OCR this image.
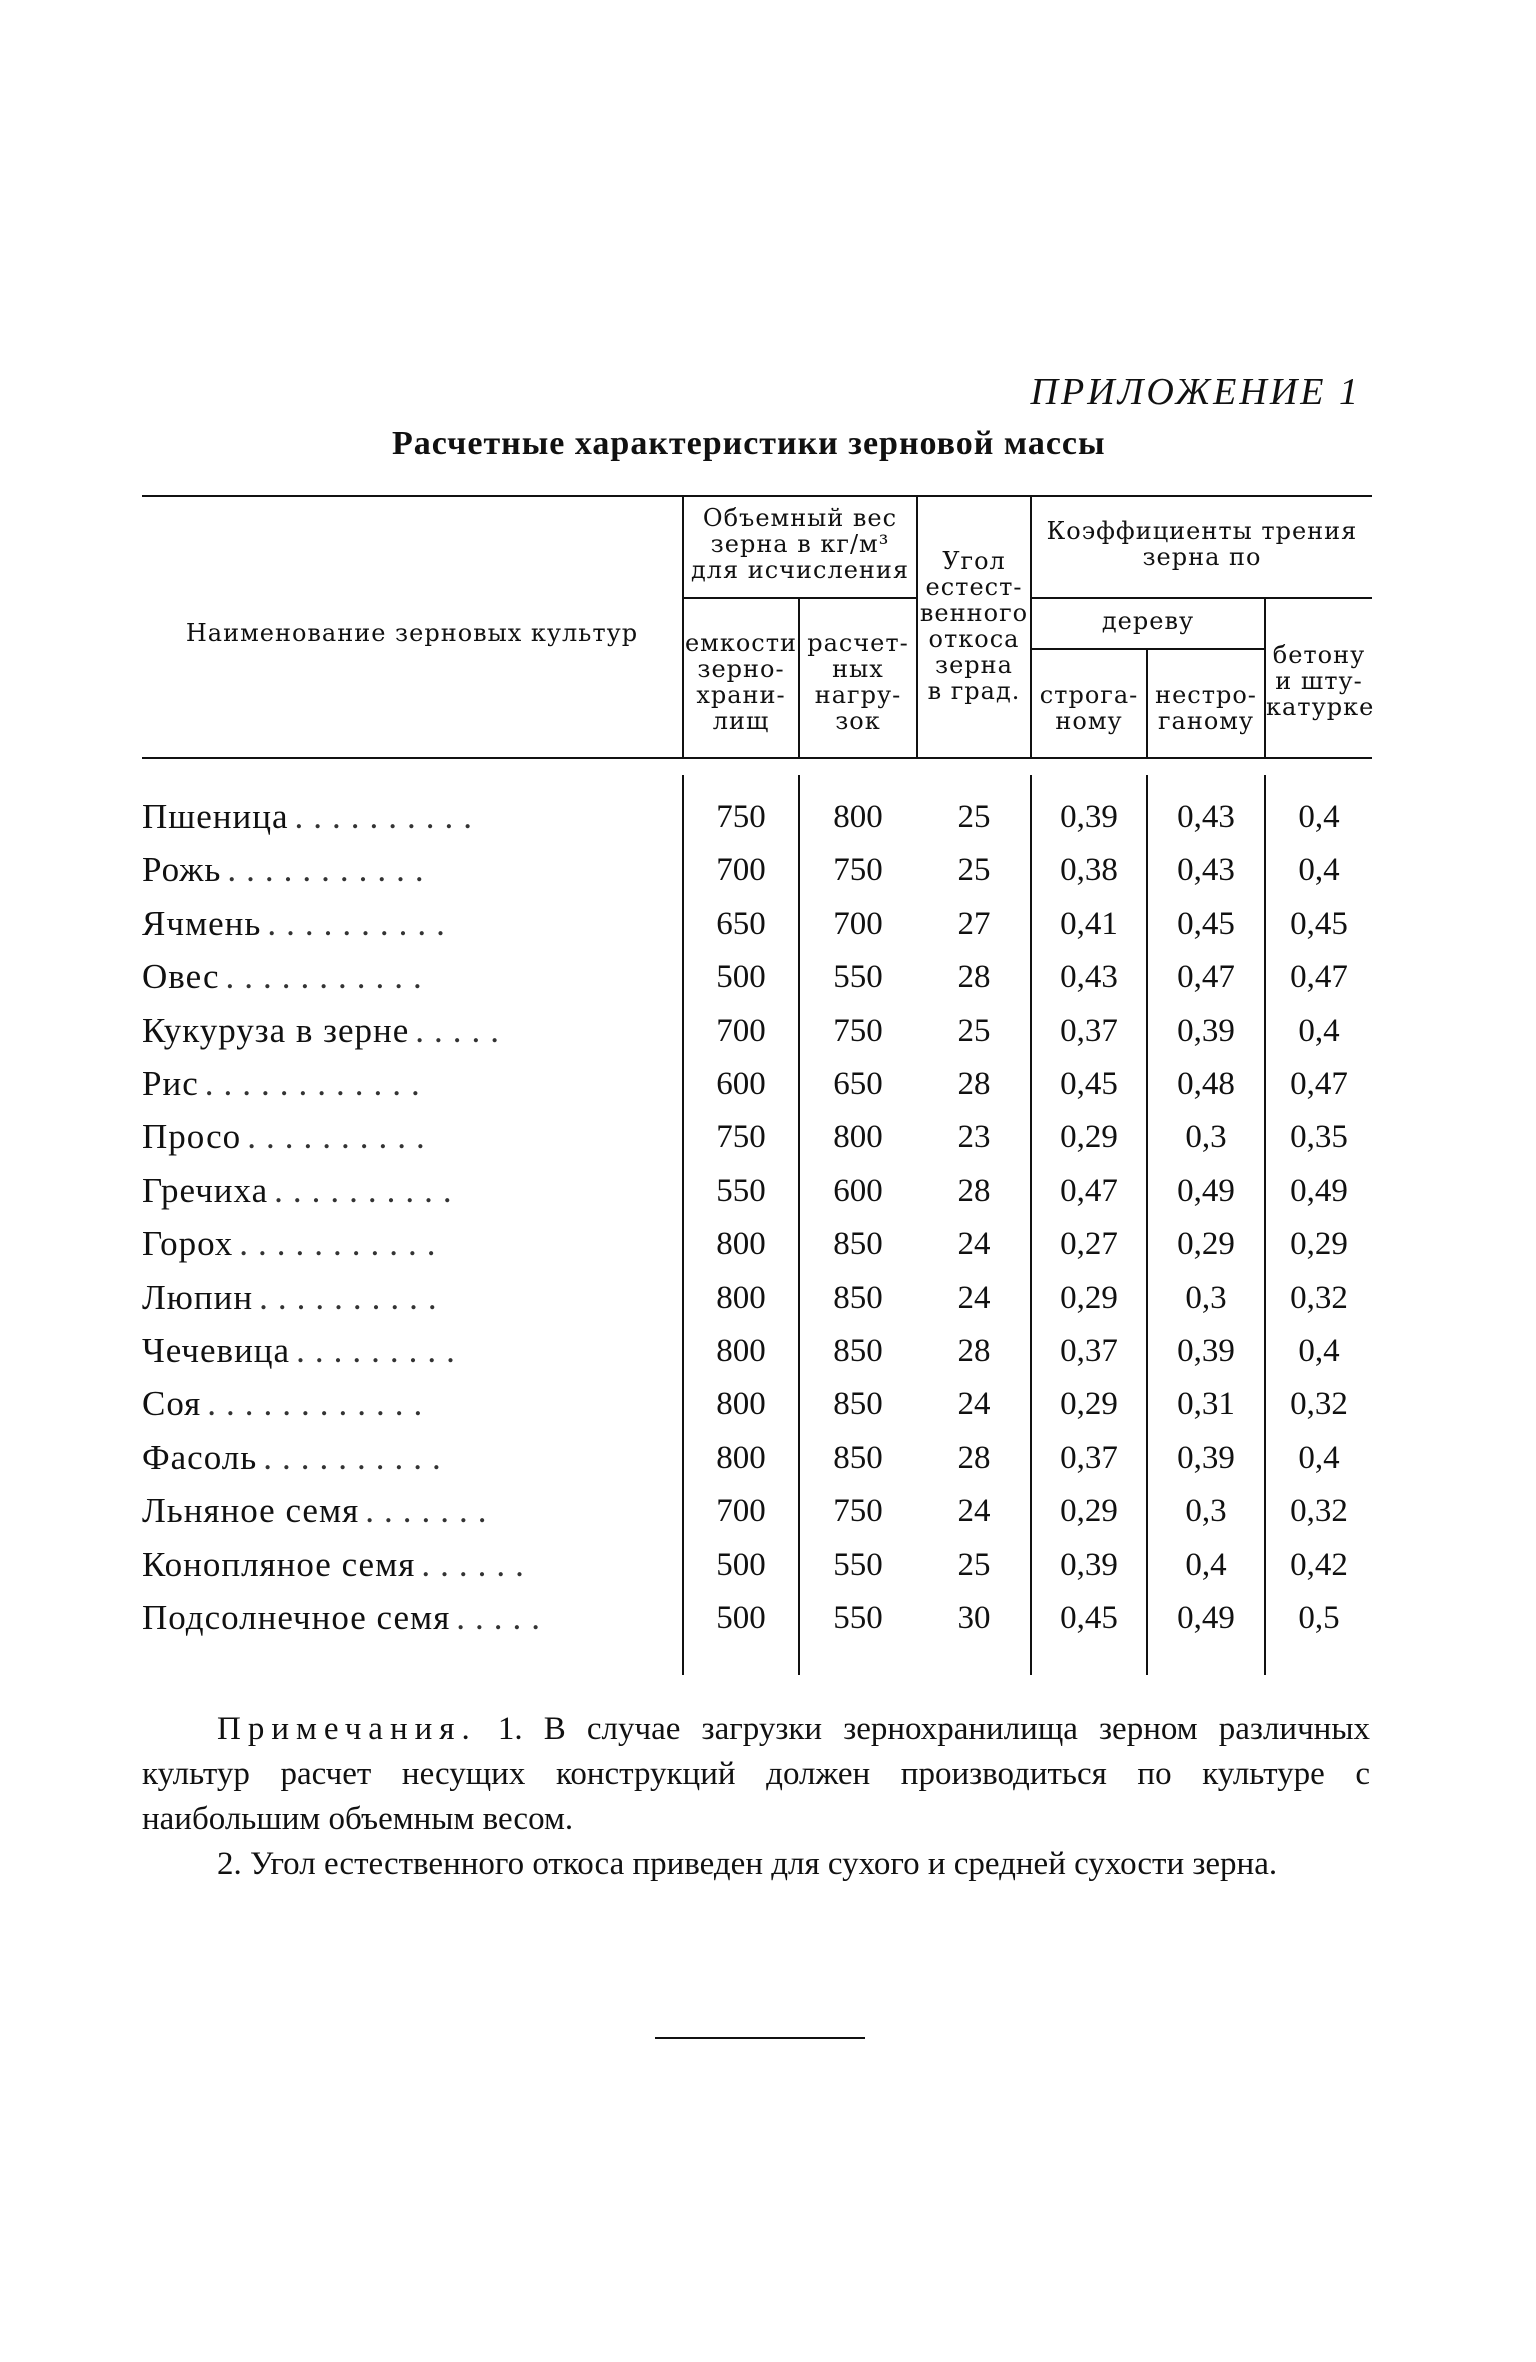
ПРИЛОЖЕНИЕ 1
Расчетные характеристики зерновой массы
Наименование зерновых культур
Объемный вес
зерна в кг/м³
для исчисления
емкости
зерно-
храни-
лищ
расчет-
ных
нагру-
зок
Угол
естест-
венного
откоса
зерна
в град.
Коэффициенты трения
зерна по
дереву
строга-
ному
нестро-
ганому
бетону
и шту-
катурке
Пшеница ..........	750	800	25	0,39	0,43	0,4
Рожь ...........	700	750	25	0,38	0,43	0,4
Ячмень ..........	650	700	27	0,41	0,45	0,45
Овес ...........	500	550	28	0,43	0,47	0,47
Кукуруза в зерне .....	700	750	25	0,37	0,39	0,4
Рис ............	600	650	28	0,45	0,48	0,47
Просо ..........	750	800	23	0,29	0,3	0,35
Гречиха ..........	550	600	28	0,47	0,49	0,49
Горох ...........	800	850	24	0,27	0,29	0,29
Люпин ..........	800	850	24	0,29	0,3	0,32
Чечевица .........	800	850	28	0,37	0,39	0,4
Соя ............	800	850	24	0,29	0,31	0,32
Фасоль ..........	800	850	28	0,37	0,39	0,4
Льняное семя .......	700	750	24	0,29	0,3	0,32
Конопляное семя ......	500	550	25	0,39	0,4	0,42
Подсолнечное семя .....	500	550	30	0,45	0,49	0,5

Примечания. 1. В случае загрузки зернохранилища зерном различных культур расчет несущих конструкций должен производиться по культуре с наибольшим объемным весом.

2. Угол естественного откоса приведен для сухого и средней сухости зерна.
